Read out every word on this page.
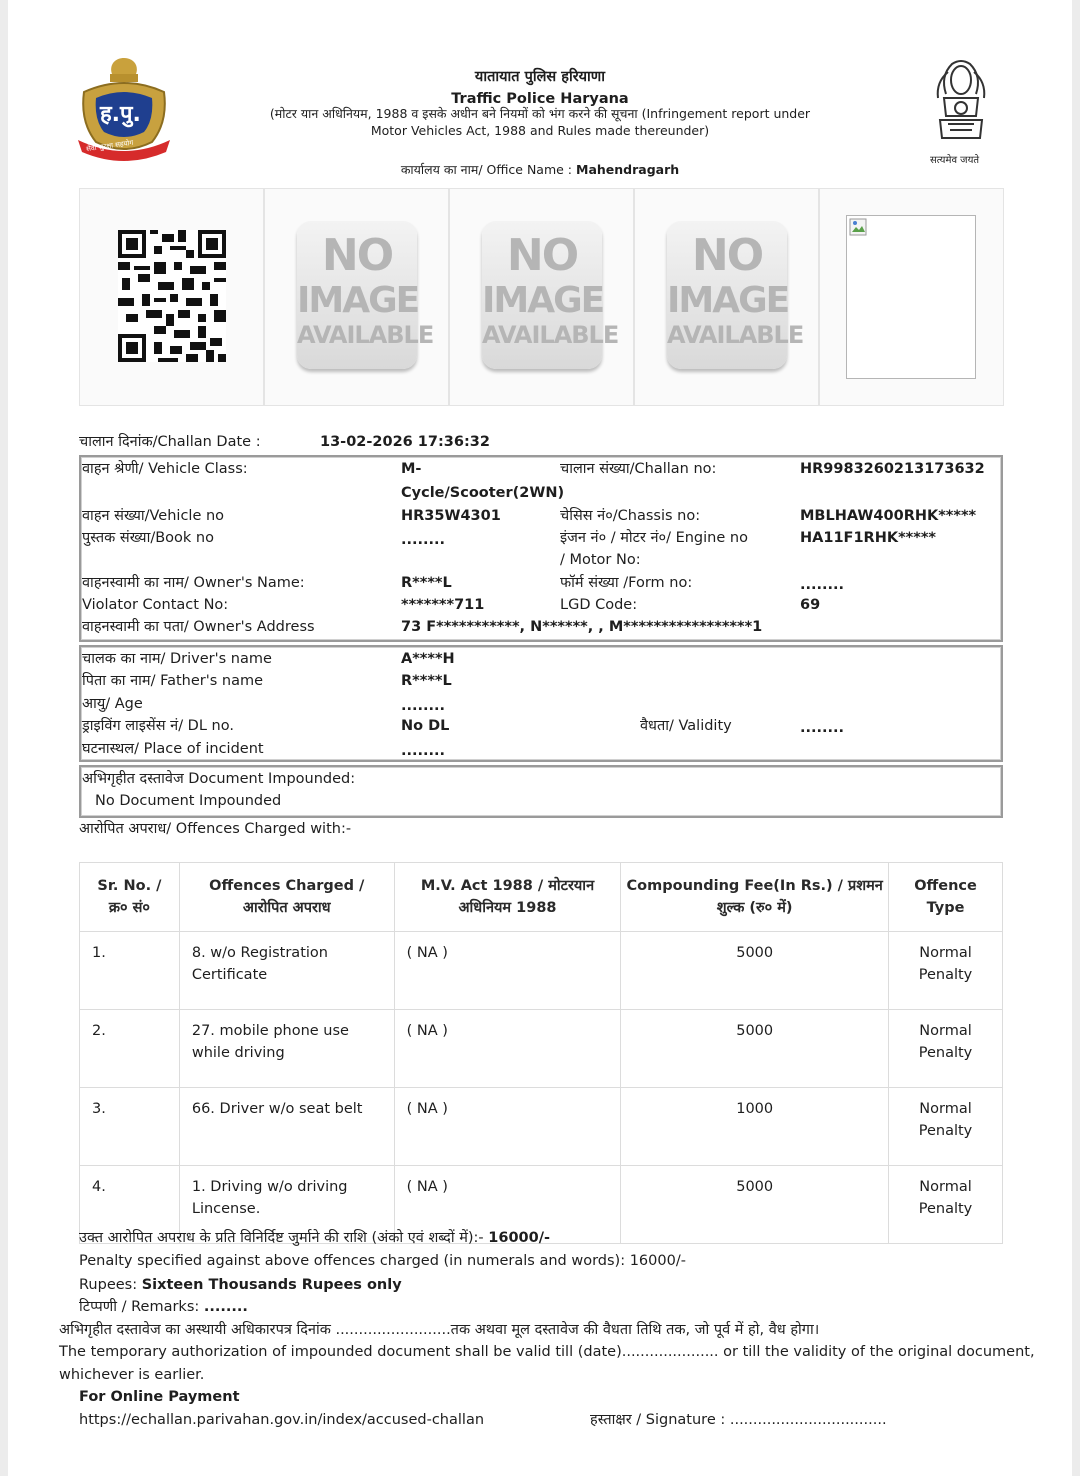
ह.पु.
सेवा सुरक्षा सहयोग
सत्यमेव जयते
यातायात पुलिस हरियाणा
Traffic Police Haryana
(मोटर यान अधिनियम, 1988 व इसके अधीन बने नियमों को भंग करने की सूचना (Infringement report under
Motor Vehicles Act, 1988 and Rules made thereunder)
कार्यालय का नाम/ Office Name : Mahendragarh
NO
IMAGE
AVAILABLE
NO
IMAGE
AVAILABLE
NO
IMAGE
AVAILABLE
चालान दिनांक/Challan Date :	13-02-2026 17:36:32
वाहन श्रेणी/ Vehicle Class:	M-
Cycle/Scooter(2WN)
चालान संख्या/Challan no:	HR9983260213173632
वाहन संख्या/Vehicle no	HR35W4301	चेसिस नं०/Chassis no:	MBLHAW400RHK*****
पुस्तक संख्या/Book no	........	इंजन नं० / मोटर नं०/ Engine no
/ Motor No:
HA11F1RHK*****
वाहनस्वामी का नाम/ Owner's Name:	R****L	फॉर्म संख्या /Form no:	........
Violator Contact No:	*******711	LGD Code:	69
वाहनस्वामी का पता/ Owner's Address	73 F***********, N******, , M*****************1
चालक का नाम/ Driver's name	A****H
पिता का नाम/ Father's name	R****L
आयु/ Age	........
ड्राइविंग लाइसेंस नं/ DL no.	No DL	वैधता/ Validity	........
घटनास्थल/ Place of incident	........
अभिगृहीत दस्तावेज Document Impounded:
No Document Impounded
आरोपित अपराध/ Offences Charged with:-
Sr. No. /
क्र० सं०	Offences Charged /
आरोपित अपराध	M.V. Act 1988 / मोटरयान
अधिनियम 1988	Compounding Fee(In Rs.) / प्रशमन
शुल्क (रु० में)	Offence
Type
1.	8. w/o Registration
Certificate	( NA )	5000	Normal
Penalty
2.	27. mobile phone use
while driving	( NA )	5000	Normal
Penalty
3.	66. Driver w/o seat belt	( NA )	1000	Normal
Penalty
4.	1. Driving w/o driving
Lincense.	( NA )	5000	Normal
Penalty
उक्त आरोपित अपराध के प्रति विनिर्दिष्ट जुर्माने की राशि (अंको एवं शब्दों में):- 16000/-
Penalty specified against above offences charged (in numerals and words): 16000/-
Rupees: Sixteen Thousands Rupees only
टिप्पणी / Remarks: ........
अभिगृहीत दस्तावेज का अस्थायी अधिकारपत्र दिनांक .........................तक अथवा मूल दस्तावेज की वैधता तिथि तक, जो पूर्व में हो, वैध होगा।
The temporary authorization of impounded document shall be valid till (date)..................... or till the validity of the original document,
whichever is earlier.
For Online Payment
https://echallan.parivahan.gov.in/index/accused-challan	हस्ताक्षर / Signature : ..................................
